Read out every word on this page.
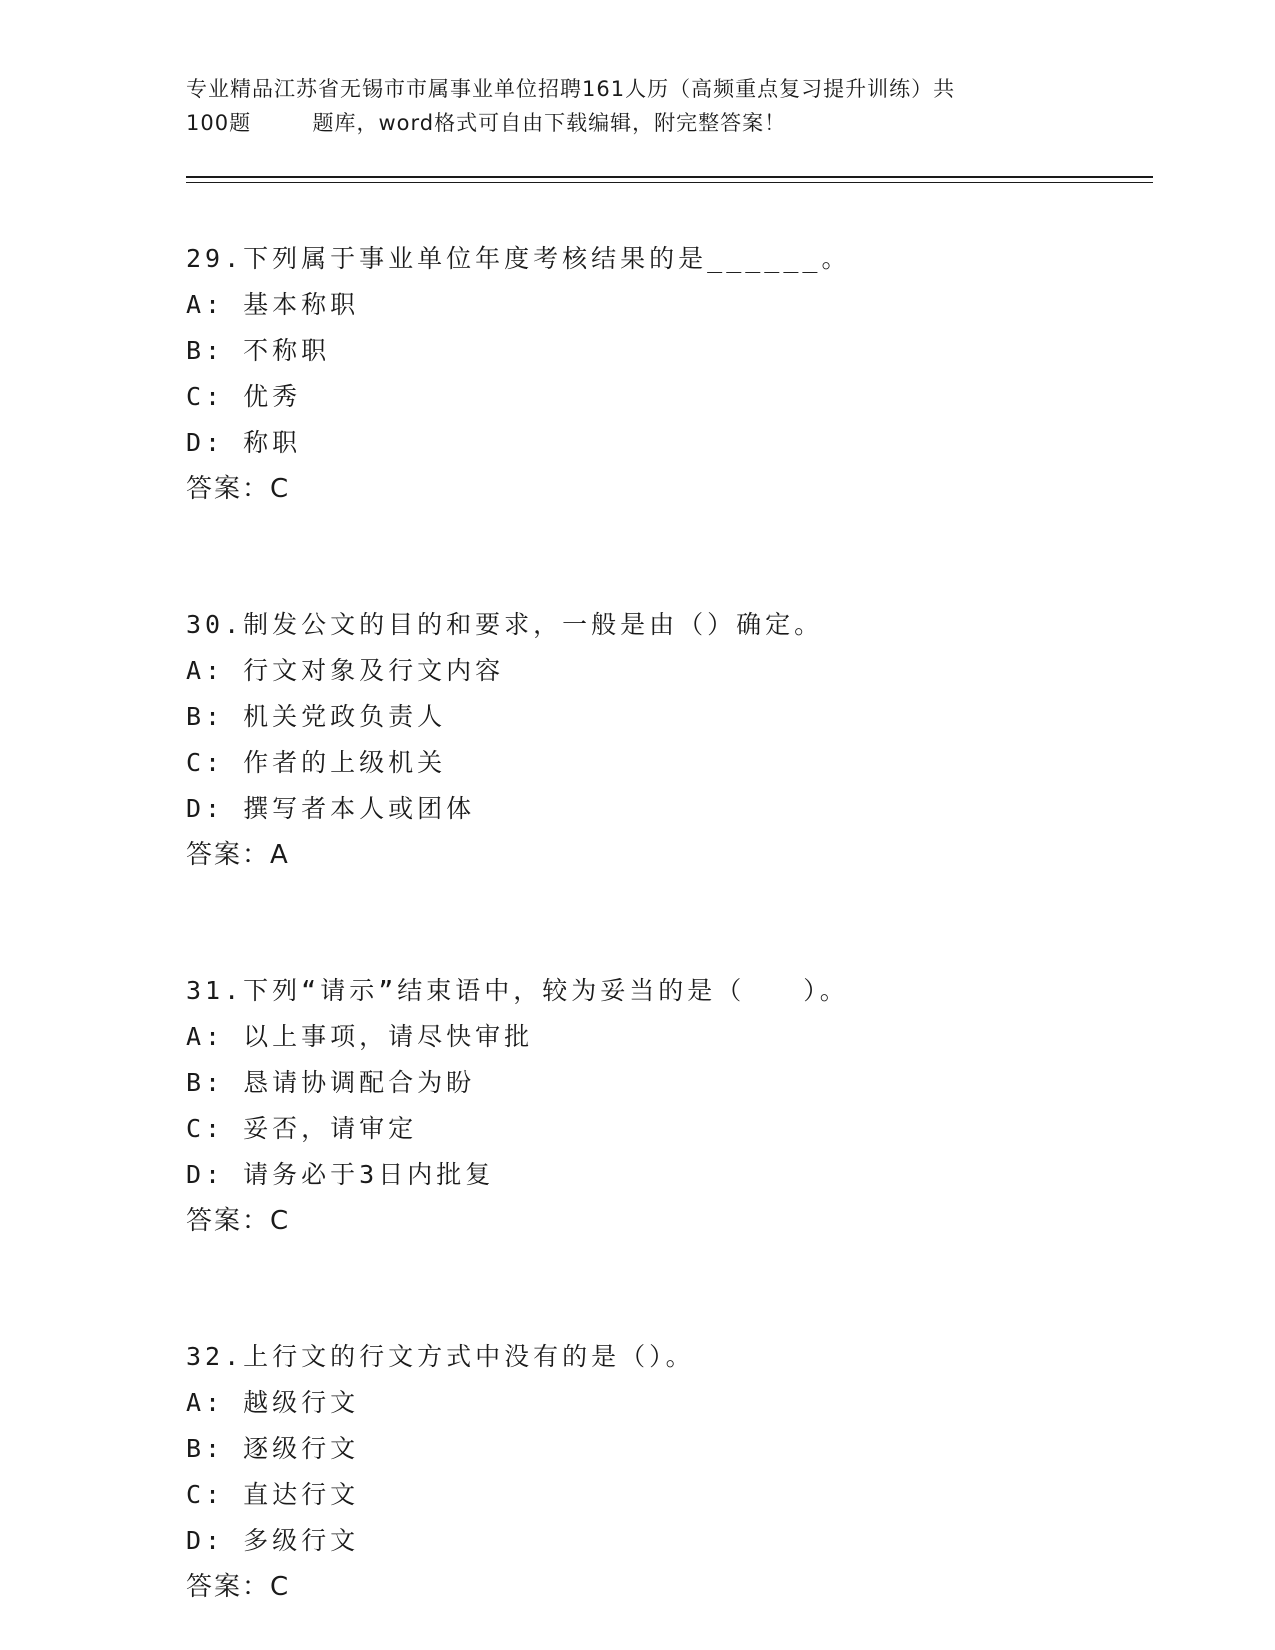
专业精品江苏省无锡市市属事业单位招聘161人历（高频重点复习提升训练）共
100题        题库，word格式可自由下载编辑，附完整答案！
29.下列属于事业单位年度考核结果的是______。
A: 基本称职
B: 不称职
C: 优秀
D: 称职
答案：C
30.制发公文的目的和要求，一般是由（）确定。
A: 行文对象及行文内容
B: 机关党政负责人
C: 作者的上级机关
D: 撰写者本人或团体
答案：A
31.下列“请示”结束语中，较为妥当的是（　　）。
A: 以上事项，请尽快审批
B: 恳请协调配合为盼
C: 妥否，请审定
D: 请务必于3日内批复
答案：C
32.上行文的行文方式中没有的是（）。
A: 越级行文
B: 逐级行文
C: 直达行文
D: 多级行文
答案：C
